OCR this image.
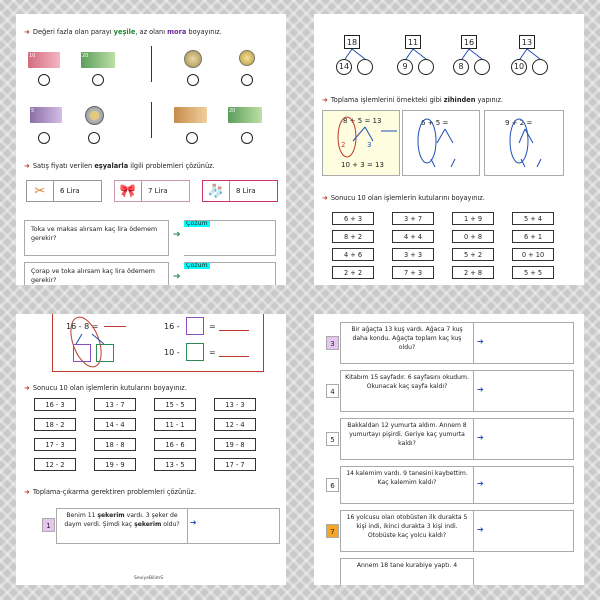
➜ Değeri fazla olan parayı yeşile, az olanı mora boyayınız.
10	20
5	20
➜ Satış fiyatı verilen eşyalarla ilgili problemleri çözünüz.
✂	6 Lira	🎀	7 Lira	🧦	8 Lira
Toka ve makas alırsam kaç lira ödemem gerekir?	➔
Çözüm
Çorap ve toka alırsam kaç lira ödemem gerekir?	➔
Çözüm
18
14
11
9
16
8
13
10
➜ Toplama işlemlerini örnekteki gibi zihinden yapınız.
8 + 5 = 13
2	3
10 + 3 = 13
6 + 5 =	9 + 2 =
➜ Sonucu 10 olan işlemlerin kutularını boyayınız.
6 + 3	3 + 7	1 + 9	5 + 4
8 + 2	4 + 4	0 + 8	6 + 1
4 + 6	3 + 3	5 + 2	0 + 10
2 + 2	7 + 3	2 + 8	5 + 5
16 - 8 =	16 -	=
10 -	=
➜ Sonucu 10 olan işlemlerin kutularını boyayınız.
16 - 3	13 - 7	15 - 5	13 - 3
18 - 2	14 - 4	11 - 1	12 - 4
17 - 3	18 - 8	16 - 6	19 - 8
12 - 2	19 - 9	13 - 5	17 - 7
➜ Toplama-çıkarma gerektiren problemleri çözünüz.
1
Benim 11 şekerim vardı. 3 şeker de daym verdi. Şimdi kaç şekerim oldu?	➔
SeviyeBilimS
3
Bir ağaçta 13 kuş vardı. Ağaca 7 kuş daha kondu. Ağaçta toplam kaç kuş oldu?
➔
4
Kitabım 15 sayfadır. 6 sayfasını okudum. Okunacak kaç sayfa kaldı?	➔
5
Bakkaldan 12 yumurta aldım. Annem 8 yumurtayı pişirdi. Geriye kaç yumurta kaldı?
➔
6
14 kalemim vardı. 9 tanesini kaybettim. Kaç kalemim kaldı?	➔
7
16 yolcusu olan otobüsten ilk durakta 5 kişi indi, ikinci durakta 3 kişi indi. Otobüste kaç yolcu kaldı?
➔
Annem 18 tane kurabiye yaptı. 4
